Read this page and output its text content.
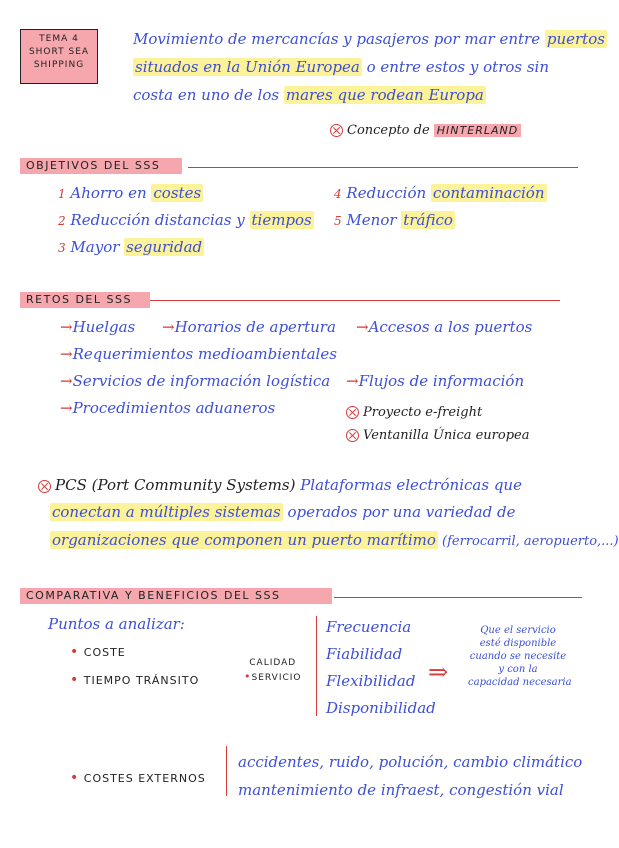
TEMA 4
SHORT SEA
SHIPPING
Movimiento de mercancías y pasajeros por mar entre puertos
situados en la Unión Europea o entre estos y otros sin
costa en uno de los mares que rodean Europa
Concepto de HINTERLAND
OBJETIVOS DEL SSS
1 Ahorro en costes
2 Reducción distancias y tiempos
3 Mayor seguridad
4 Reducción contaminación
5 Menor tráfico
RETOS DEL SSS
→Huelgas →Horarios de apertura →Accesos a los puertos
→Requerimientos medioambientales
→Servicios de información logística →Flujos de información
→Procedimientos aduaneros	Proyecto e-freight
Ventanilla Única europea
PCS (Port Community Systems) Plataformas electrónicas que
conectan a múltiples sistemas operados por una variedad de
organizaciones que componen un puerto marítimo (ferrocarril, aeropuerto,...)
COMPARATIVA Y BENEFICIOS DEL SSS
Puntos a analizar:
• COSTE
• TIEMPO TRÁNSITO
CALIDAD
•SERVICIO
Frecuencia
Fiabilidad
Flexibilidad
Disponibilidad
⇒
Que el servicio
esté disponible
cuando se necesite
y con la
capacidad necesaria
• COSTES EXTERNOS
accidentes, ruido, polución, cambio climático
mantenimiento de infraest, congestión vial
